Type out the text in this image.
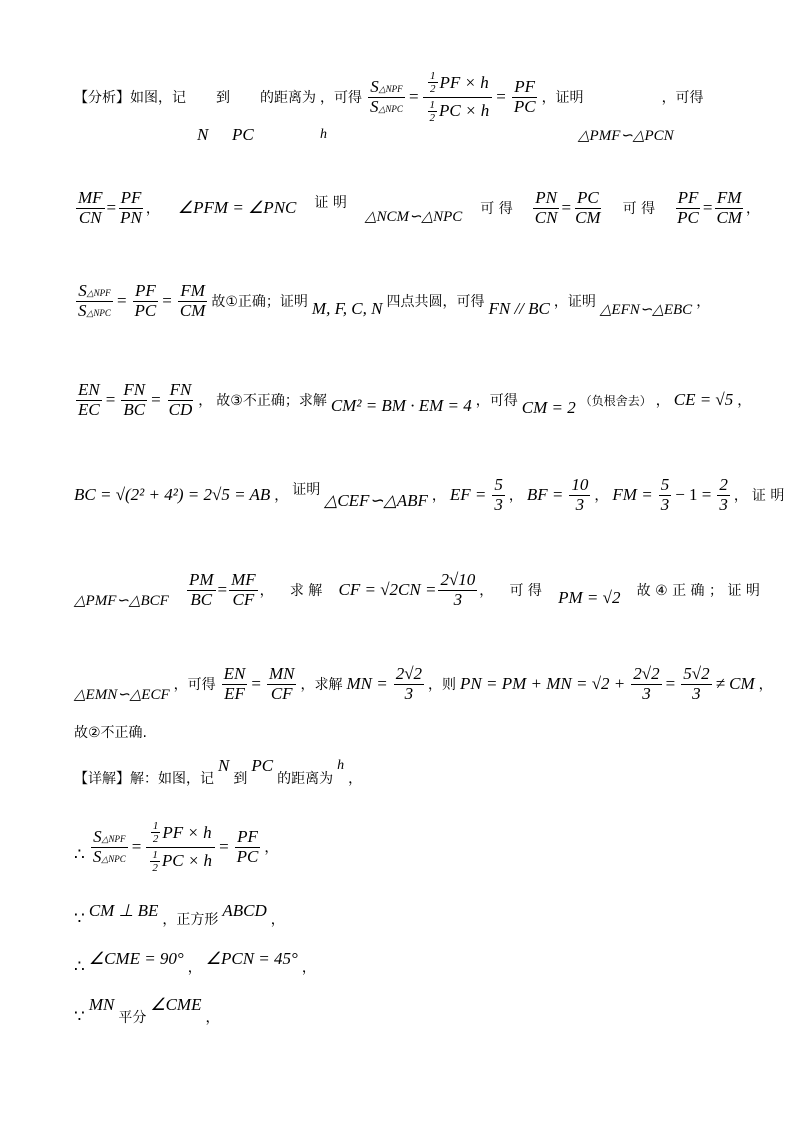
【分析】如图，记 到 的距离为 ，可得 $\frac{\text{S△NPF}}{\text{S△NPC}} = \frac{\frac{1}{2} PF \times h}{\frac{1}{2} PC \times h} = \frac{PF}{PC}$ ，证明	，可得
N PC	h	△PMF∽△PCN
$\frac{MF}{CN} = \frac{PF}{PN}$ ， ∠PFM = ∠PNC 证 明
△NCM∽△NPC 可 得 $\frac{PN}{CN} = \frac{PC}{CM}$ 可 得 $\frac{PF}{PC} = \frac{FM}{CM}$ ，
$\frac{\text{S△NPF}}{\text{S△NPC}} = \frac{PF}{PC} = \frac{FM}{CM}$ 故①正确；证明 M, F, C, N 四点共圆，可得 FN // BC ，证明 △EFN∽△EBC ，
$\frac{EN}{EC} = \frac{FN}{BC} = \frac{FN}{CD}$ ， 故③不正确；求解 CM² = BM · EM = 4 ，可得 CM = 2 （负根舍去） ， CE = √5 ，
BC = √(2² + 4²) = 2√5 = AB ， 证明
△CEF∽△ABF ， EF = $\frac{5}{3}$ ， BF = $\frac{10}{3}$ ， FM = $\frac{5}{3} - 1 = \frac{2}{3}$ ， 证 明
△PMF∽△BCF $\frac{PM}{BC} = \frac{MF}{CF}$ ， 求 解 CF = $√2CN = \frac{2√10}{3}$ ， 可 得 PM = √2 故 ④ 正 确 ； 证 明
△EMN∽△ECF
，可得 $\frac{EN}{EF} = \frac{MN}{CF}$ ，求解 MN = $\frac{2√2}{3}$ ，则 PN = PM + MN = $√2 + \frac{2√2}{3} = \frac{5√2}{3}$ ≠ CM ，
故②不正确.
【详解】解：如图，记
N
到
PC
的距离为
h
，
∴ $\frac{\text{S△NPF}}{\text{S△NPC}} = \frac{\frac{1}{2} PF \times h}{\frac{1}{2} PC \times h} = \frac{PF}{PC}$ ，
∵ CM ⊥ BE ，正方形 ABCD ，
∴ ∠CME = 90° ， ∠PCN = 45° ，
∵
MN
平分
∠CME
，
